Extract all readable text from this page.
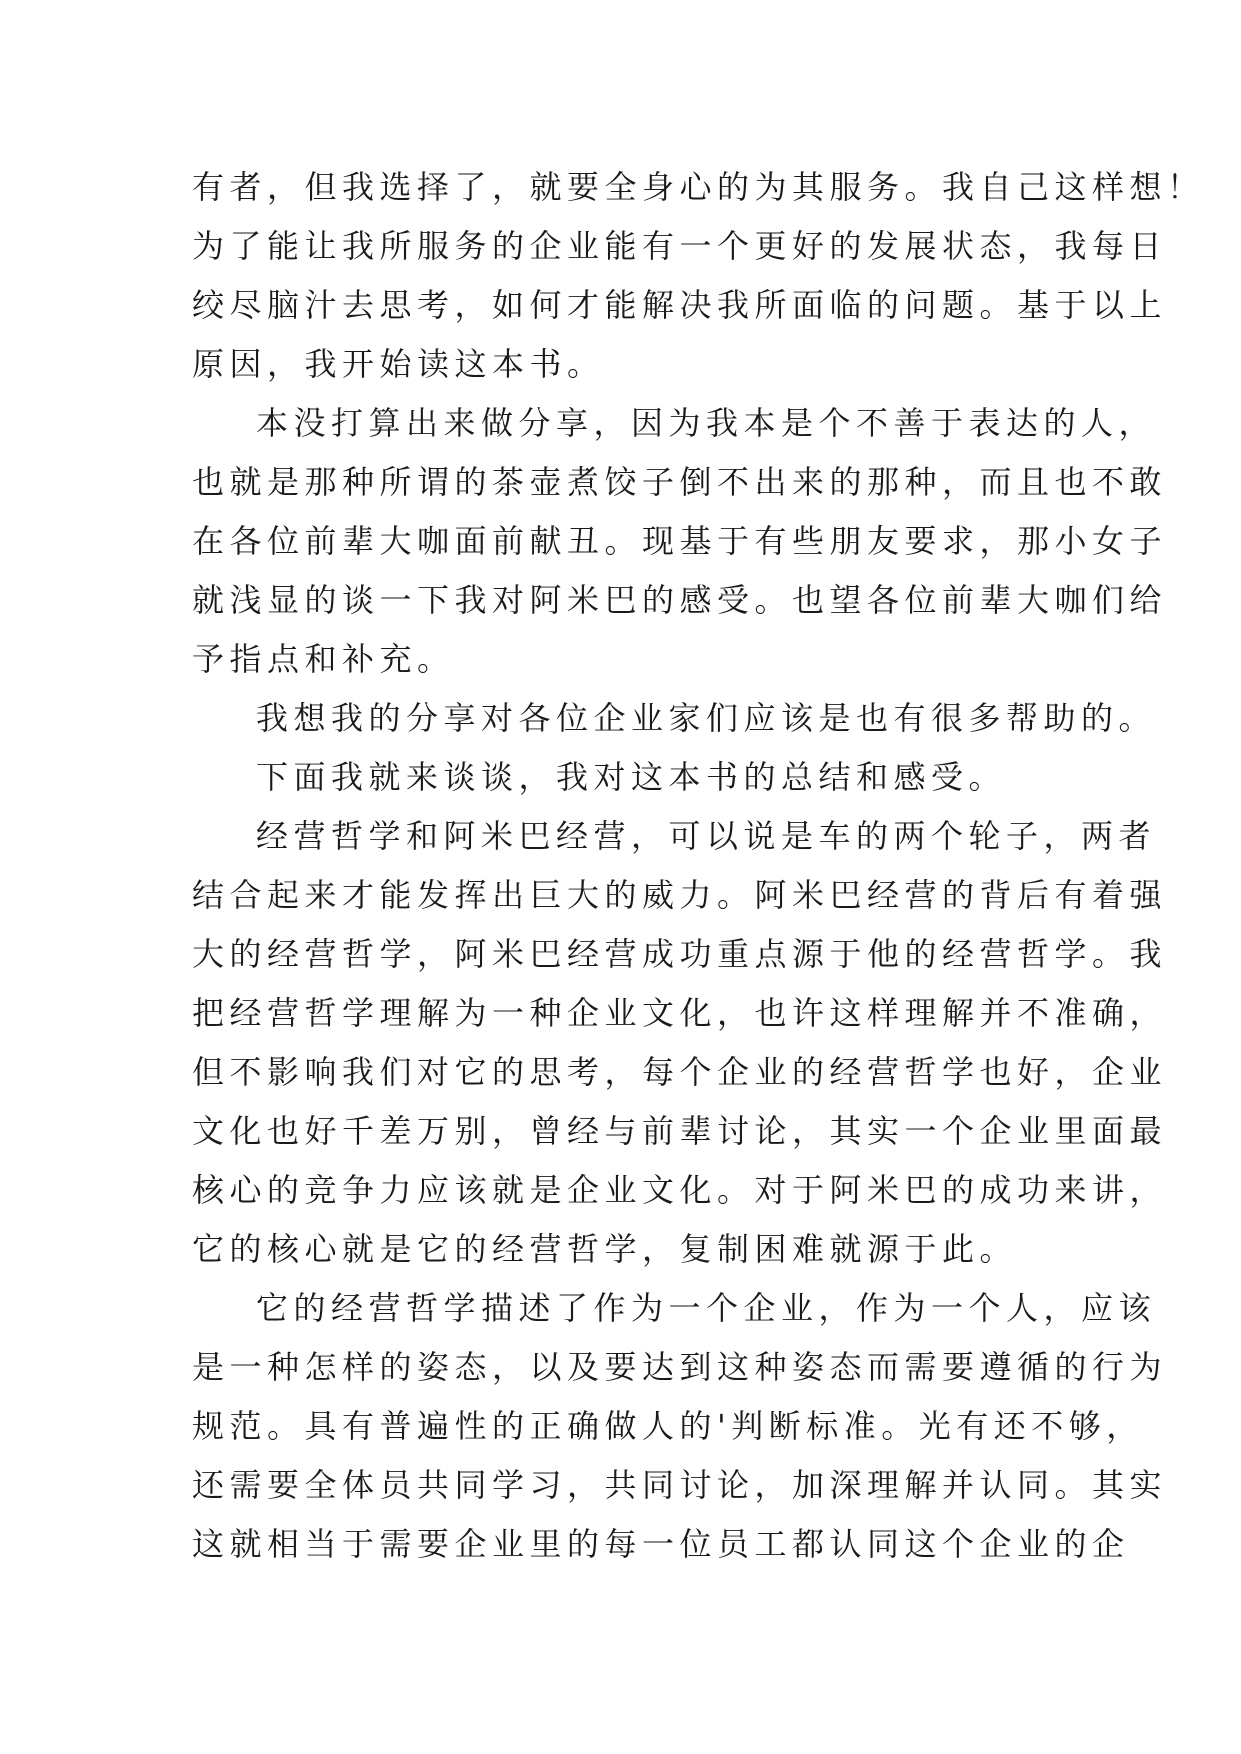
有者，但我选择了，就要全身心的为其服务。我自己这样想！
为了能让我所服务的企业能有一个更好的发展状态，我每日
绞尽脑汁去思考，如何才能解决我所面临的问题。基于以上
原因，我开始读这本书。
本没打算出来做分享，因为我本是个不善于表达的人，
也就是那种所谓的茶壶煮饺子倒不出来的那种，而且也不敢
在各位前辈大咖面前献丑。现基于有些朋友要求，那小女子
就浅显的谈一下我对阿米巴的感受。也望各位前辈大咖们给
予指点和补充。
我想我的分享对各位企业家们应该是也有很多帮助的。
下面我就来谈谈，我对这本书的总结和感受。
经营哲学和阿米巴经营，可以说是车的两个轮子，两者
结合起来才能发挥出巨大的威力。阿米巴经营的背后有着强
大的经营哲学，阿米巴经营成功重点源于他的经营哲学。我
把经营哲学理解为一种企业文化，也许这样理解并不准确，
但不影响我们对它的思考，每个企业的经营哲学也好，企业
文化也好千差万别，曾经与前辈讨论，其实一个企业里面最
核心的竞争力应该就是企业文化。对于阿米巴的成功来讲，
它的核心就是它的经营哲学，复制困难就源于此。
它的经营哲学描述了作为一个企业，作为一个人，应该
是一种怎样的姿态，以及要达到这种姿态而需要遵循的行为
规范。具有普遍性的正确做人的'判断标准。光有还不够，
还需要全体员共同学习，共同讨论，加深理解并认同。其实
这就相当于需要企业里的每一位员工都认同这个企业的企
